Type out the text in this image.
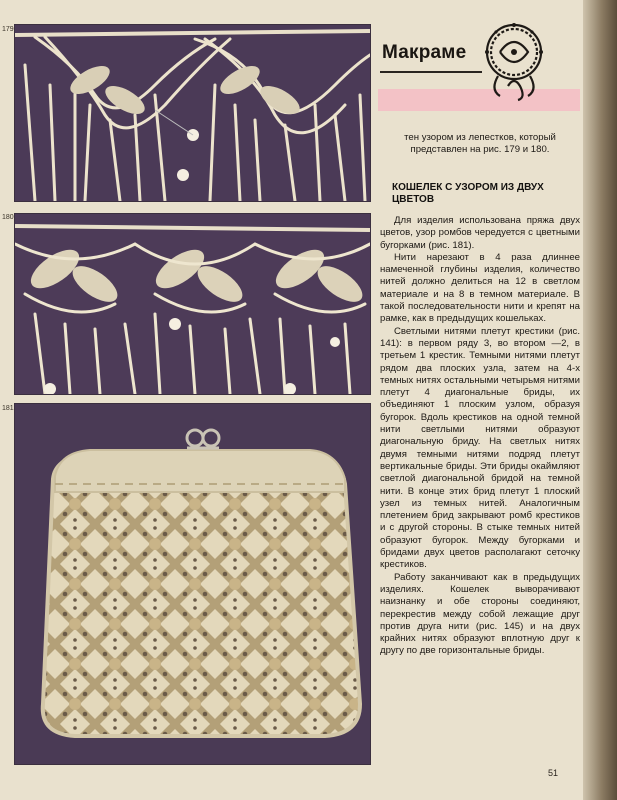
179
180
181
Макраме

тен узором из лепестков, который представлен на рис. 179 и 180.

КОШЕЛЕК С УЗОРОМ ИЗ ДВУХ ЦВЕТОВ

Для изделия использована пряжа двух цветов, узор ромбов чередуется с цветными бугорками (рис. 181).

Нити нарезают в 4 раза длиннее намеченной глубины изделия, количество нитей должно делиться на 12 в светлом материале и на 8 в темном материале. В такой последовательности нити и крепят на рамке, как в предыдущих кошельках.

Светлыми нитями плетут крестики (рис. 141): в первом ряду 3, во втором —2, в третьем 1 крестик. Темными нитями плетут рядом два плоских узла, затем на 4-х темных нитях остальными четырьмя нитями плетут 4 диагональные бриды, их объединяют 1 плоским узлом, образуя бугорок. Вдоль крестиков на одной темной нити светлыми нитями образуют диагональную бриду. На светлых нитях двумя темными нитями подряд плетут вертикальные бриды. Эти бриды окаймляют светлой диагональной бридой на темной нити. В конце этих брид плетут 1 плоский узел из темных нитей. Аналогичным плетением брид закрывают ромб крестиков и с другой стороны. В стыке темных нитей образуют бугорок. Между бугорками и бридами двух цветов располагают сеточку крестиков.

Работу заканчивают как в предыдущих изделиях. Кошелек выворачивают наизнанку и обе стороны соединяют, перекрестив между собой лежащие друг против друга нити (рис. 145) и на двух крайних нитях образуют вплотную друг к другу по две горизонтальные бриды.

51
